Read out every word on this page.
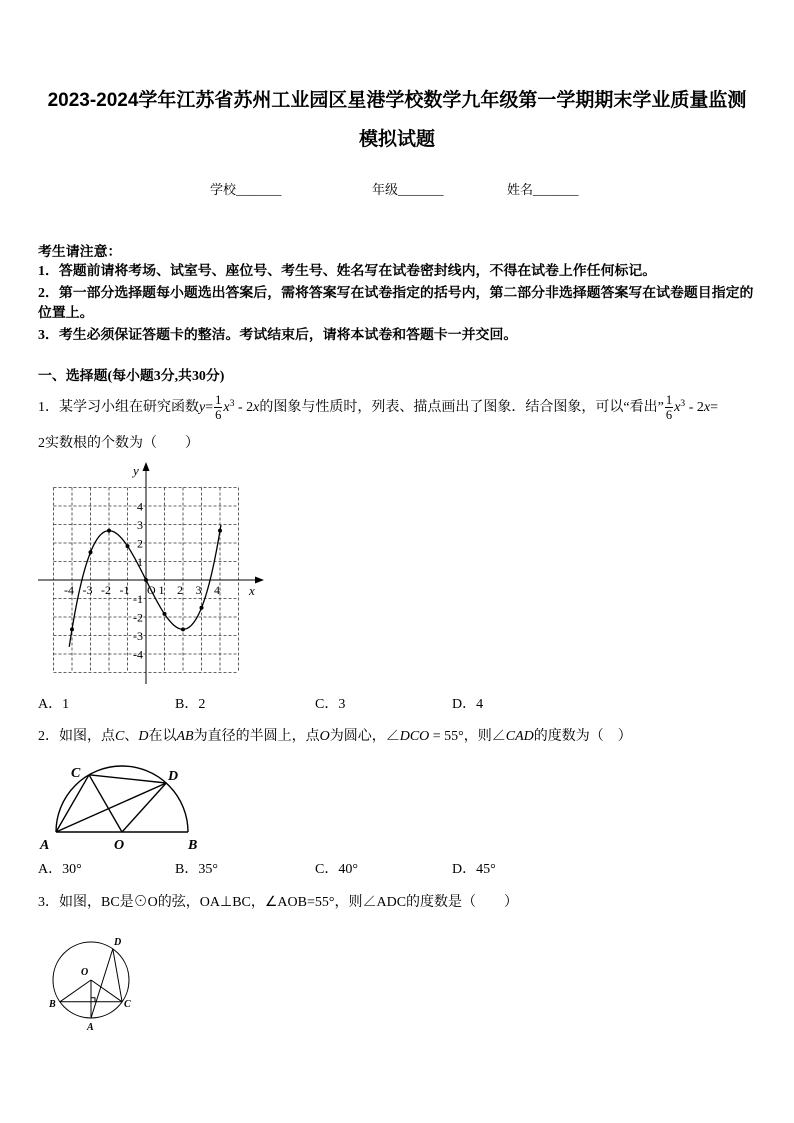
2023-2024学年江苏省苏州工业园区星港学校数学九年级第一学期期末学业质量监测
模拟试题
学校_______	年级_______	姓名_______
考生请注意：
1．答题前请将考场、试室号、座位号、考生号、姓名写在试卷密封线内，不得在试卷上作任何标记。
2．第一部分选择题每小题选出答案后，需将答案写在试卷指定的括号内，第二部分非选择题答案写在试卷题目指定的
位置上。
3．考生必须保证答题卡的整洁。考试结束后，请将本试卷和答题卡一并交回。
一、选择题(每小题3分,共30分)
1．某学习小组在研究函数$y= \frac{1}{6} x^3 - 2x$的图象与性质时，列表、描点画出了图象．结合图象，可以“看出” $\frac{1}{6} x^3 - 2x=$
2实数根的个数为（　　）
y
x
-4 -3 -2 -1 1 2 3 4
4
3
2
1
-1
-2
-3
-4
O
A．1	B．2	C．3	D．4
2．如图，点C、D在以AB为直径的半圆上，点O为圆心，∠DCO = 55°，则∠CAD的度数为（　）
C	D
A	O	B
A．30°	B．35°	C．40°	D．45°
3．如图，BC是⊙O的弦，OA⊥BC，∠AOB=55°，则∠ADC的度数是（　　）
D
O
B	C
A
